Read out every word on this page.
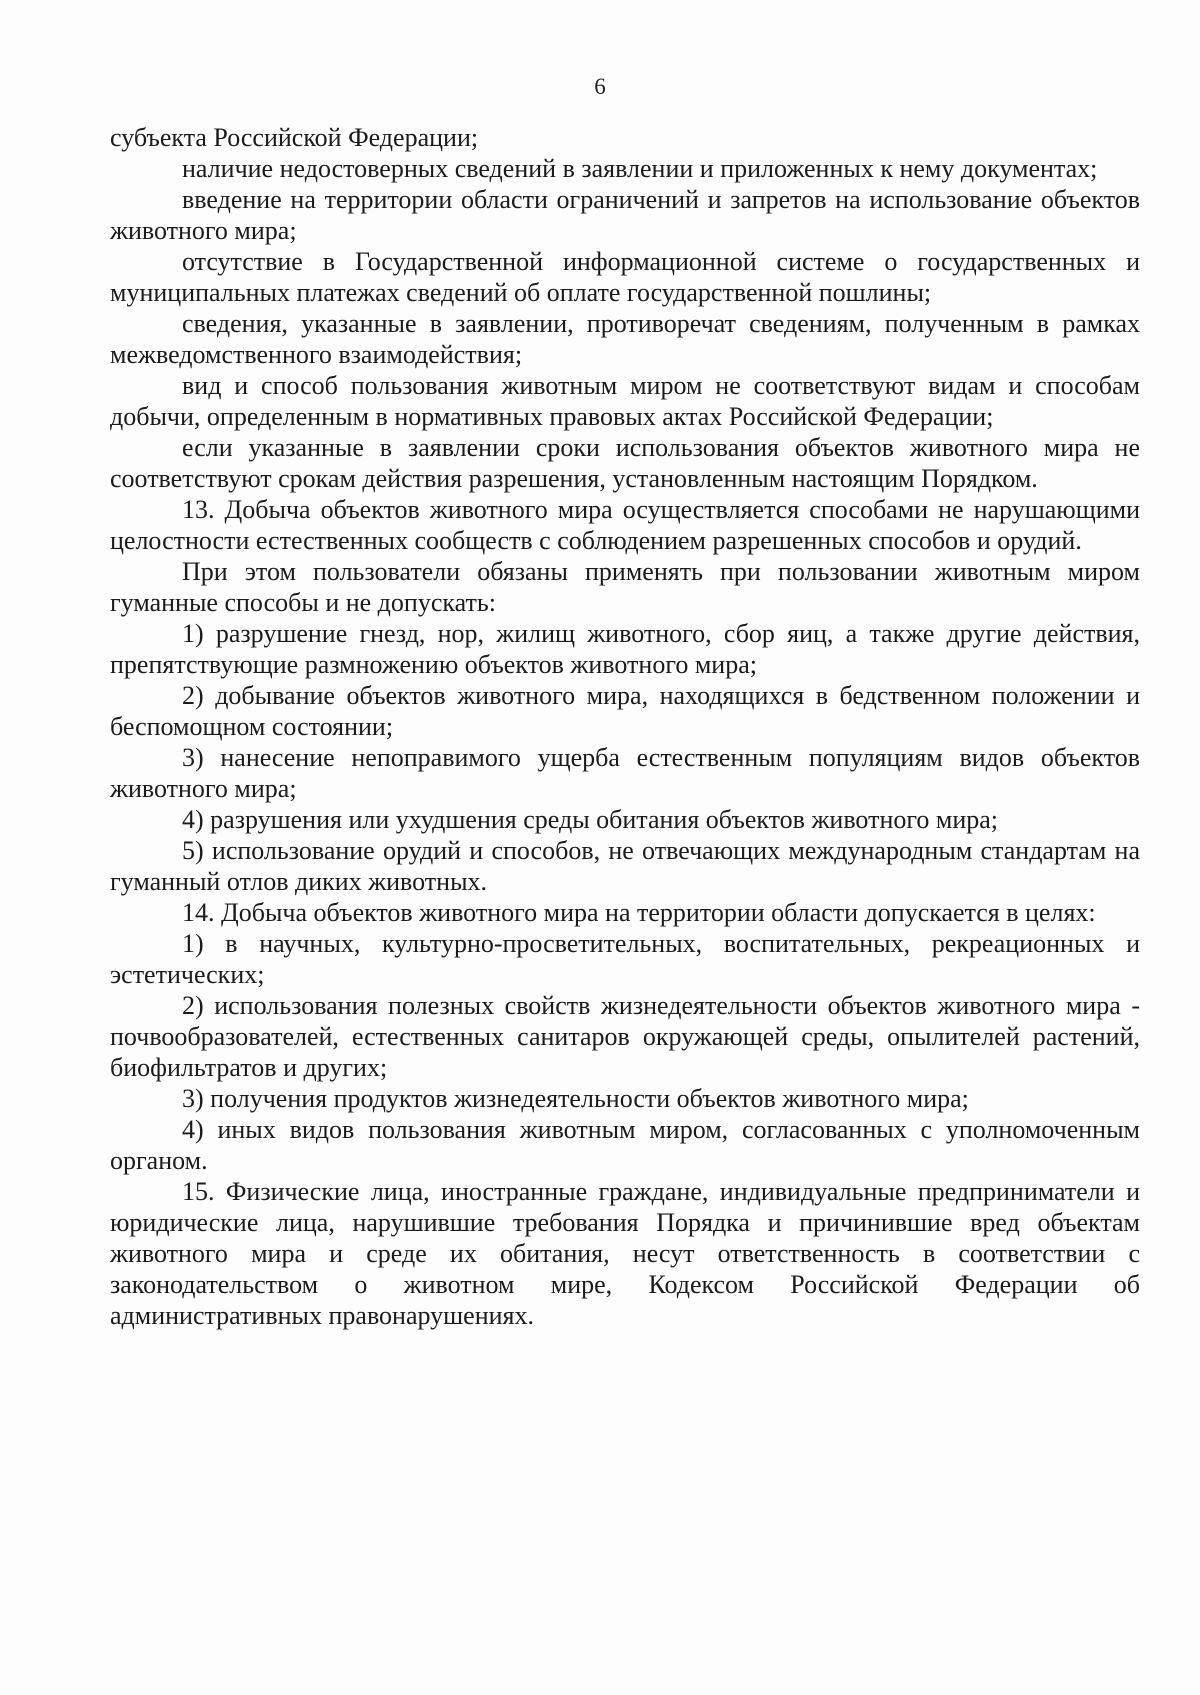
6

субъекта Российской Федерации;

наличие недостоверных сведений в заявлении и приложенных к нему документах;

введение на территории области ограничений и запретов на использование объектов животного мира;

отсутствие в Государственной информационной системе о государственных и муниципальных платежах сведений об оплате государственной пошлины;

сведения, указанные в заявлении, противоречат сведениям, полученным в рамках межведомственного взаимодействия;

вид и способ пользования животным миром не соответствуют видам и способам добычи, определенным в нормативных правовых актах Российской Федерации;

если указанные в заявлении сроки использования объектов животного мира не соответствуют срокам действия разрешения, установленным настоящим Порядком.

13. Добыча объектов животного мира осуществляется способами не нарушающими целостности естественных сообществ с соблюдением разрешенных способов и орудий.

При этом пользователи обязаны применять при пользовании животным миром гуманные способы и не допускать:

1) разрушение гнезд, нор, жилищ животного, сбор яиц, а также другие действия, препятствующие размножению объектов животного мира;

2) добывание объектов животного мира, находящихся в бедственном положении и беспомощном состоянии;

3) нанесение непоправимого ущерба естественным популяциям видов объектов животного мира;

4) разрушения или ухудшения среды обитания объектов животного мира;

5) использование орудий и способов, не отвечающих международным стандартам на гуманный отлов диких животных.

14. Добыча объектов животного мира на территории области допускается в целях:

1) в научных, культурно-просветительных, воспитательных, рекреационных и эстетических;

2) использования полезных свойств жизнедеятельности объектов животного мира - почвообразователей, естественных санитаров окружающей среды, опылителей растений, биофильтратов и других;

3) получения продуктов жизнедеятельности объектов животного мира;

4) иных видов пользования животным миром, согласованных с уполномоченным органом.

15. Физические лица, иностранные граждане, индивидуальные предприниматели и юридические лица, нарушившие требования Порядка и причинившие вред объектам животного мира и среде их обитания, несут ответственность в соответствии с законодательством о животном мире, Кодексом Российской Федерации об административных правонарушениях.
